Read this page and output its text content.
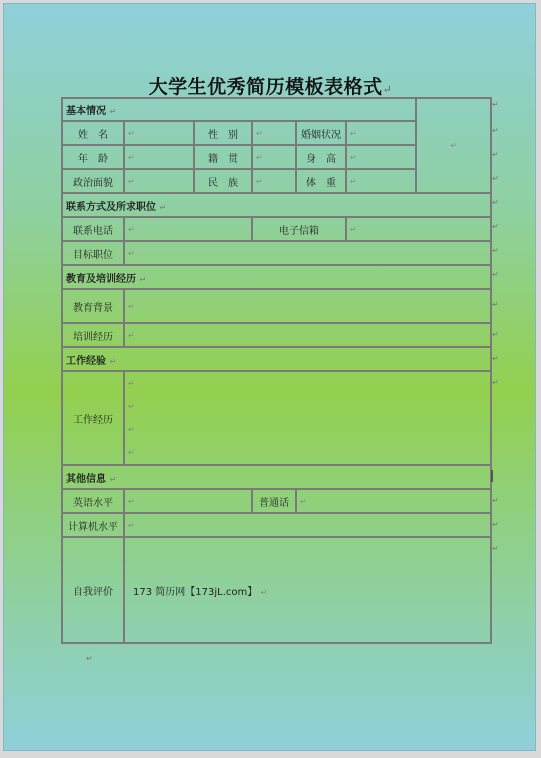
大学生优秀简历模板表格式↵
基本情况 ↵						↵
姓　名	↵	性　别	↵	婚姻状况	↵	
年　龄	↵	籍　贯	↵	身　高	↵	
政治面貌	↵	民　族	↵	体　重	↵	
联系方式及所求职位 ↵						
联系电话	↵		电子信箱		↵	
目标职位	↵					
教育及培训经历 ↵						
教育背景	↵					
培训经历	↵					
工作经验 ↵						
工作经历	↵
↵
↵
↵					

其他信息 ↵						
英语水平	↵		普通话	↵		
计算机水平	↵					
自我评价	173 简历网【173jL.com】 ↵					
↵
↵
↵
↵
↵
↵
↵
↵
↵
↵
↵
↵
↵
↵
↵
↵
